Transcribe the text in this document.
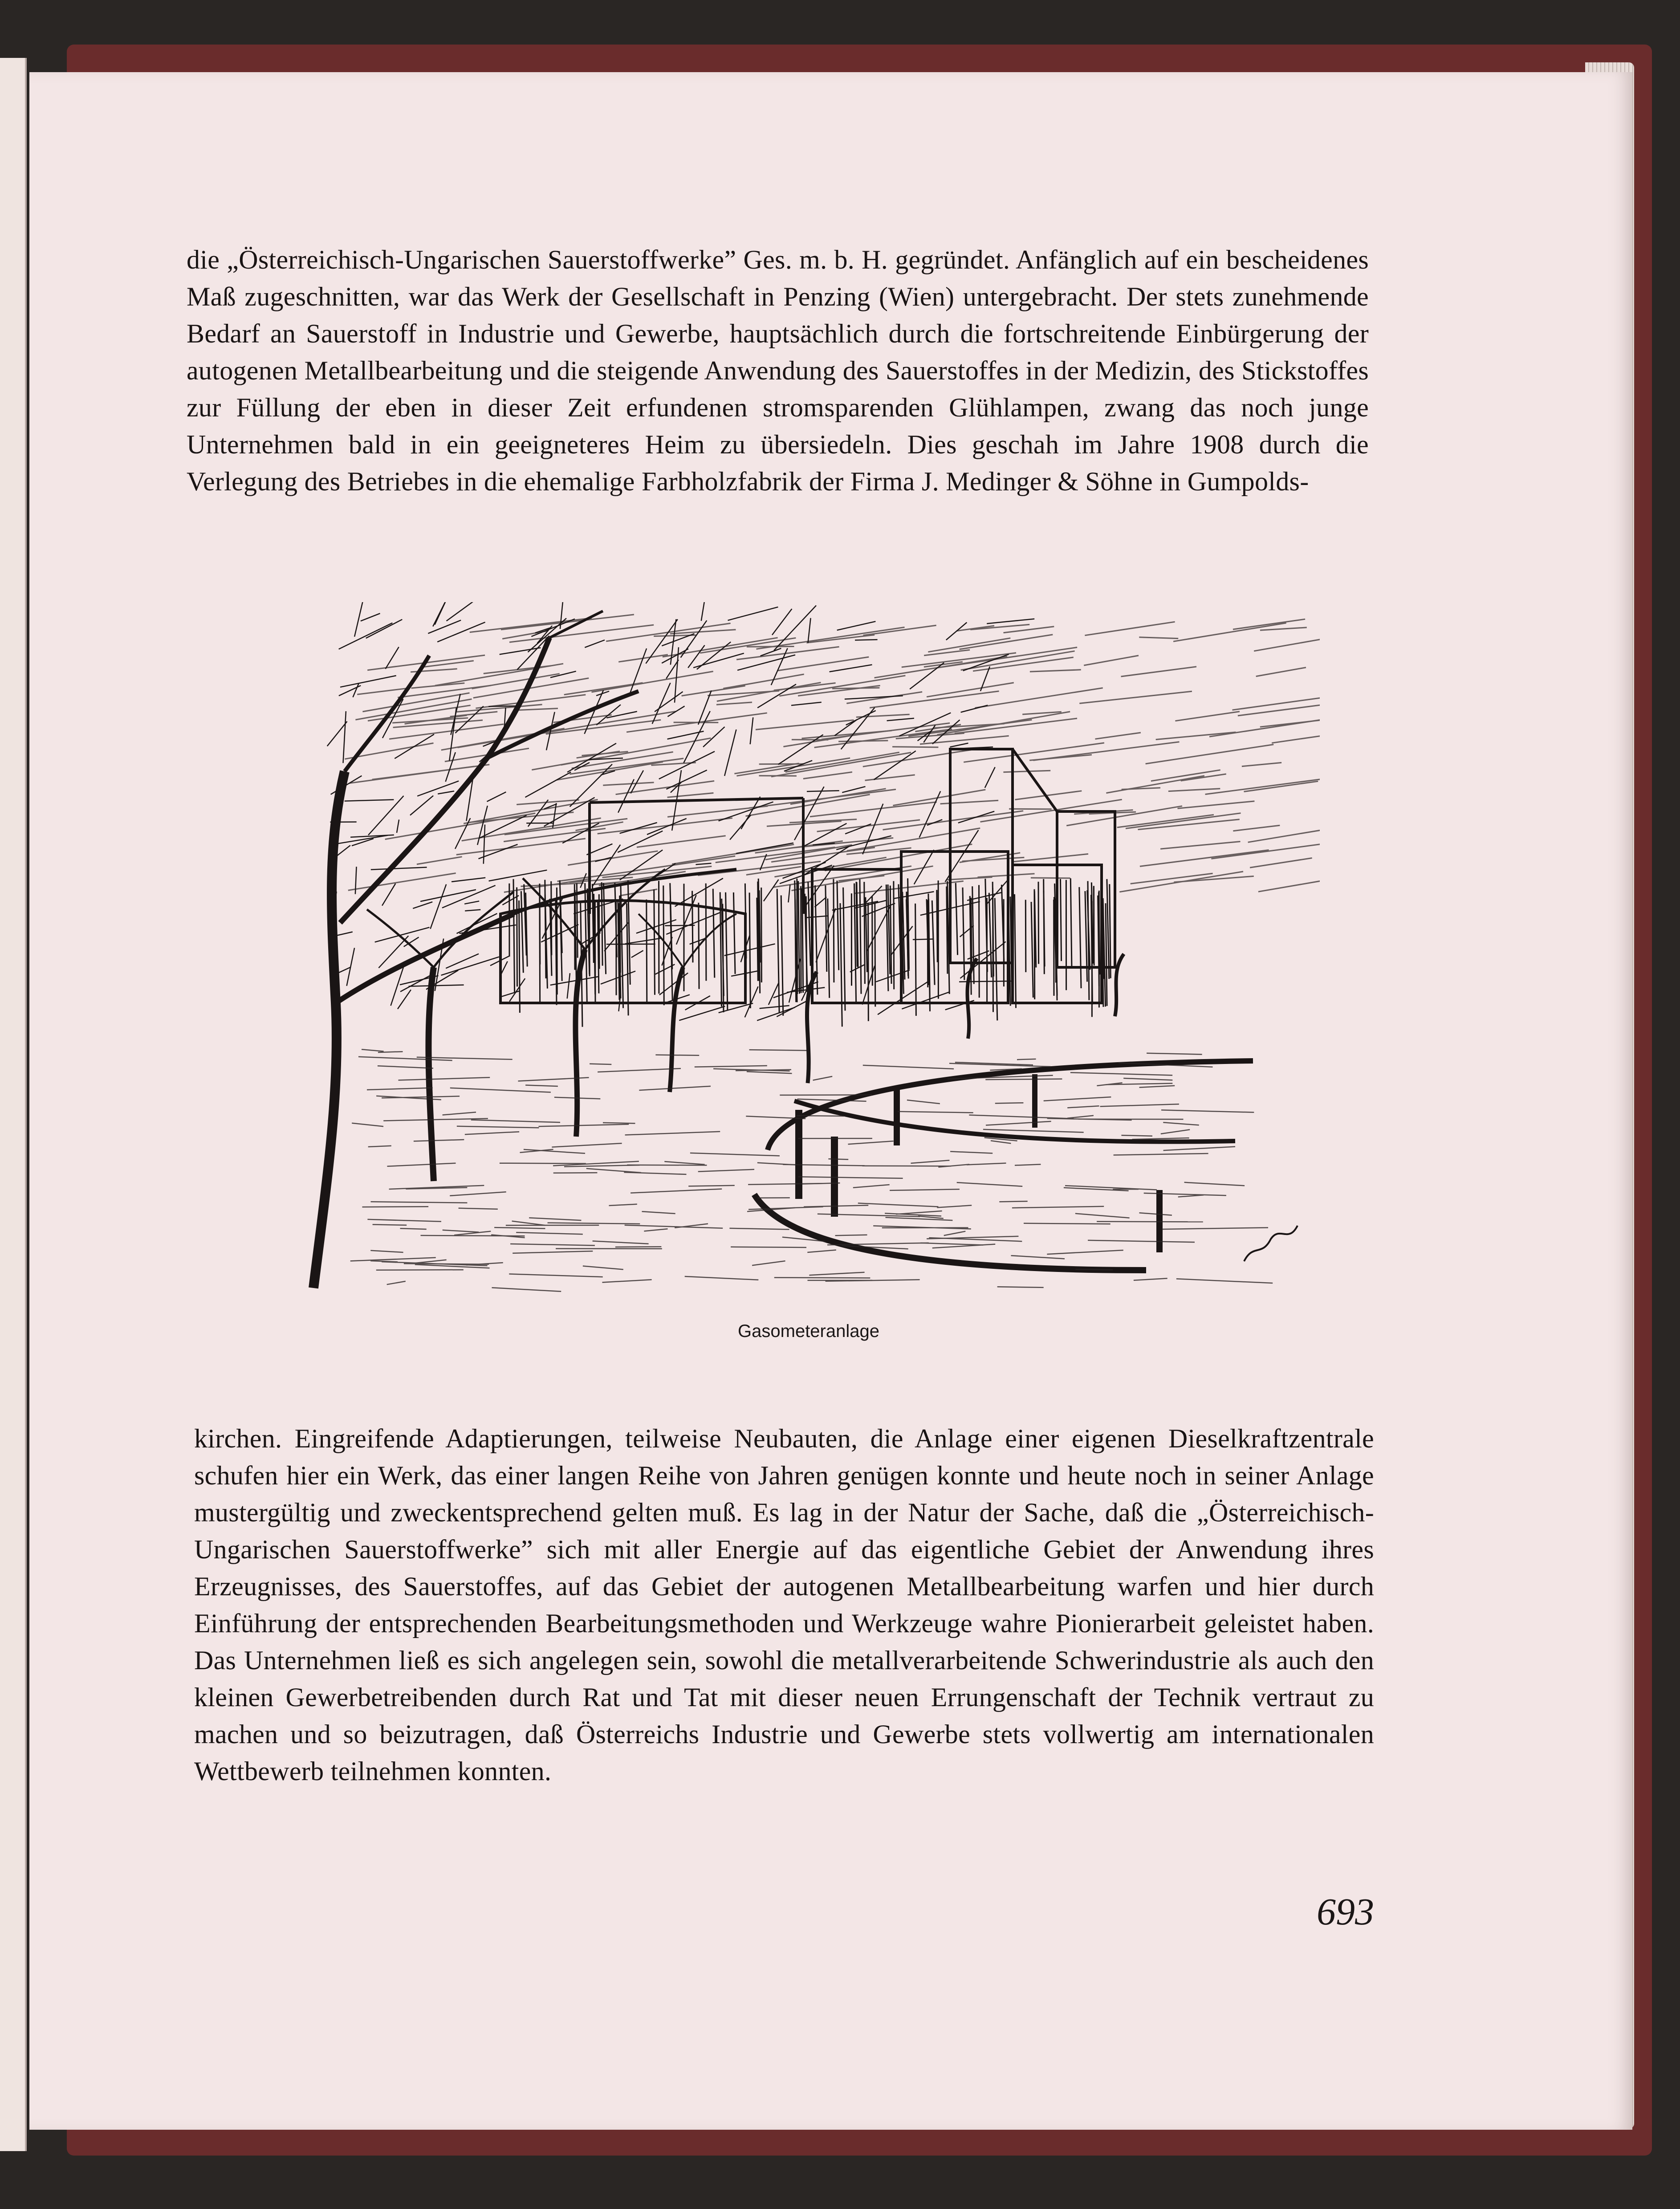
die „Österreichisch-Ungarischen Sauerstoffwerke” Ges. m. b. H. gegründet. Anfänglich auf ein bescheidenes Maß zugeschnitten, war das Werk der Gesellschaft in Penzing (Wien) untergebracht. Der stets zunehmende Bedarf an Sauerstoff in Industrie und Gewerbe, hauptsächlich durch die fortschreitende Einbürgerung der autogenen Metallbearbeitung und die steigende Anwendung des Sauerstoffes in der Medizin, des Stickstoffes zur Füllung der eben in dieser Zeit erfundenen stromsparenden Glühlampen, zwang das noch junge Unternehmen bald in ein geeigneteres Heim zu übersiedeln. Dies geschah im Jahre 1908 durch die Verlegung des Betriebes in die ehemalige Farbholzfabrik der Firma J. Medinger & Söhne in Gumpolds-

Gasometeranlage

kirchen. Eingreifende Adaptierungen, teilweise Neubauten, die Anlage einer eigenen Dieselkraftzentrale schufen hier ein Werk, das einer langen Reihe von Jahren genügen konnte und heute noch in seiner Anlage mustergültig und zweckentsprechend gelten muß. Es lag in der Natur der Sache, daß die „Österreichisch-Ungarischen Sauerstoffwerke” sich mit aller Energie auf das eigentliche Gebiet der Anwendung ihres Erzeugnisses, des Sauerstoffes, auf das Gebiet der autogenen Metallbearbeitung warfen und hier durch Einführung der entsprechenden Bearbeitungsmethoden und Werkzeuge wahre Pionierarbeit geleistet haben. Das Unternehmen ließ es sich angelegen sein, sowohl die metallverarbeitende Schwerindustrie als auch den kleinen Gewerbetreibenden durch Rat und Tat mit dieser neuen Errungenschaft der Technik vertraut zu machen und so beizutragen, daß Österreichs Industrie und Gewerbe stets vollwertig am internationalen Wettbewerb teilnehmen konnten.

693
